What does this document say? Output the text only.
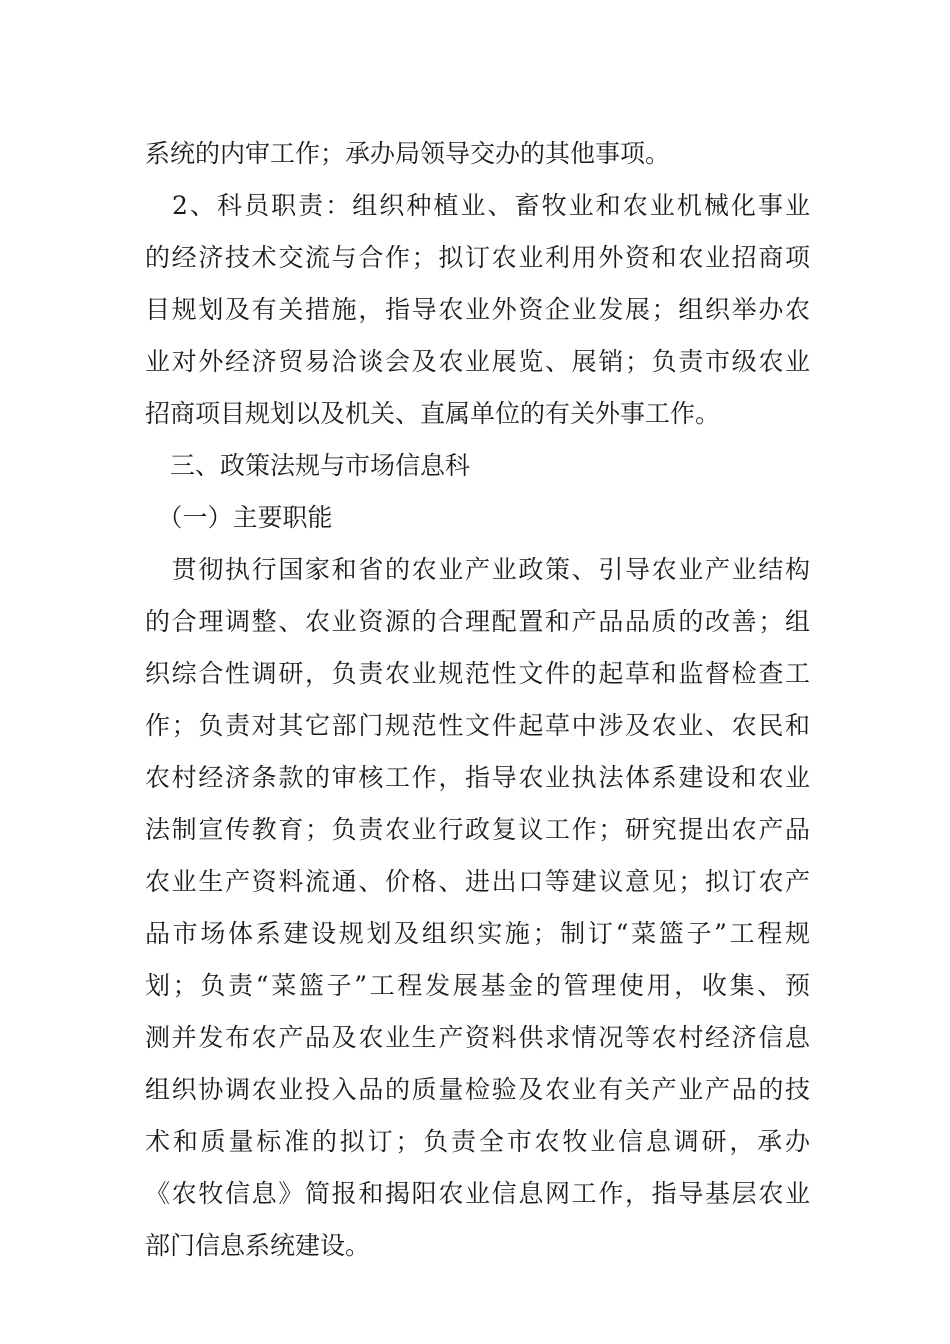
系统的内审工作；承办局领导交办的其他事项。
　2、科员职责：组织种植业、畜牧业和农业机械化事业
的经济技术交流与合作；拟订农业利用外资和农业招商项
目规划及有关措施，指导农业外资企业发展；组织举办农
业对外经济贸易洽谈会及农业展览、展销；负责市级农业
招商项目规划以及机关、直属单位的有关外事工作。
　三、政策法规与市场信息科
　（一）主要职能
　贯彻执行国家和省的农业产业政策、引导农业产业结构
的合理调整、农业资源的合理配置和产品品质的改善；组
织综合性调研，负责农业规范性文件的起草和监督检查工
作；负责对其它部门规范性文件起草中涉及农业、农民和
农村经济条款的审核工作，指导农业执法体系建设和农业
法制宣传教育；负责农业行政复议工作；研究提出农产品
农业生产资料流通、价格、进出口等建议意见；拟订农产
品市场体系建设规划及组织实施；制订“菜篮子”工程规
划；负责“菜篮子”工程发展基金的管理使用，收集、预
测并发布农产品及农业生产资料供求情况等农村经济信息
组织协调农业投入品的质量检验及农业有关产业产品的技
术和质量标准的拟订；负责全市农牧业信息调研，承办
《农牧信息》简报和揭阳农业信息网工作，指导基层农业
部门信息系统建设。
